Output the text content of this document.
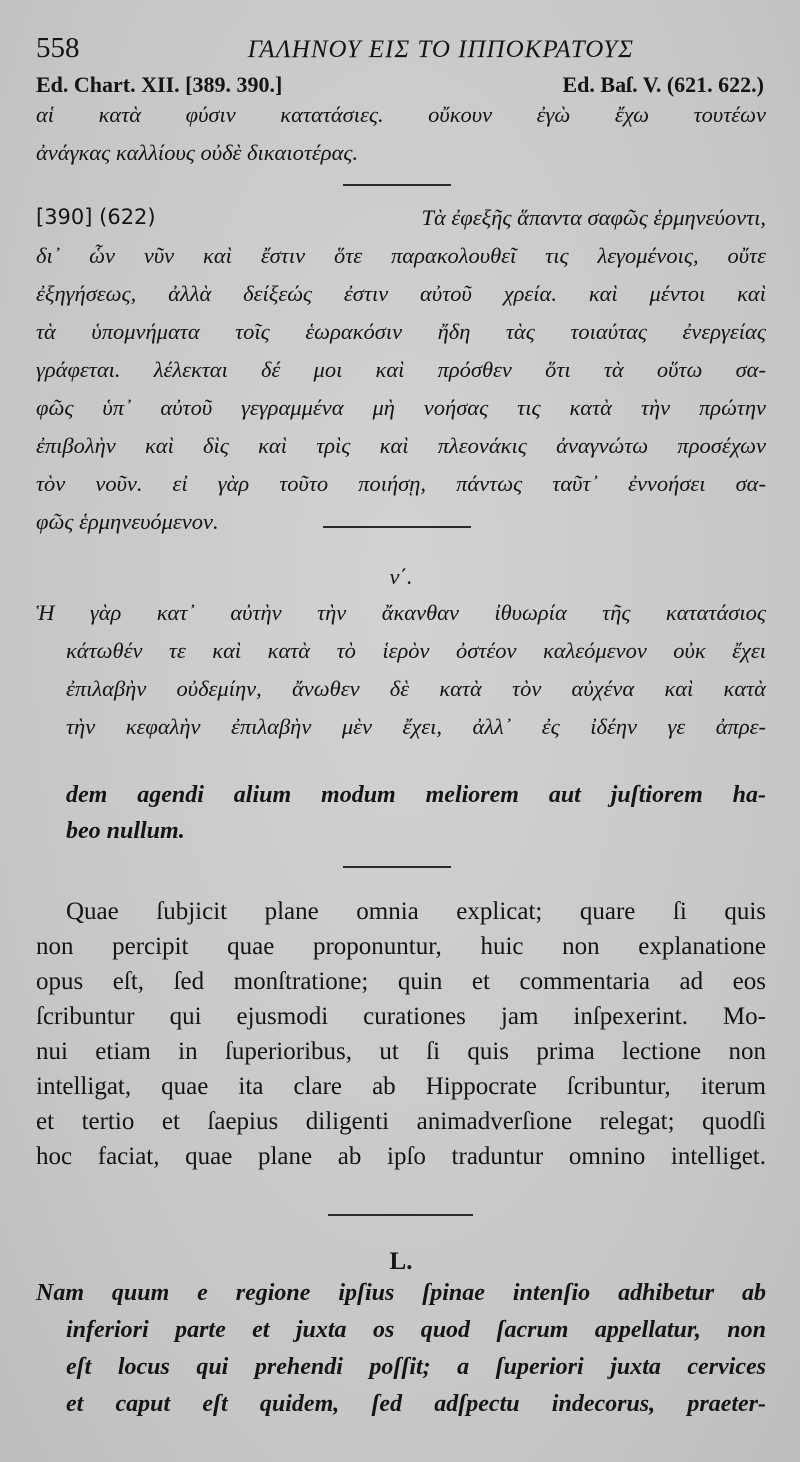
558	ΓΑΛΗΝΟΥ ΕΙΣ ΤΟ ΙΠΠΟΚΡΑΤΟΥΣ
Ed. Chart. XII. [389. 390.]	Ed. Baſ. V. (621. 622.)
αἱ κατὰ φύσιν κατατάσιες. οὔκουν ἐγὼ ἔχω τουτέων
ἀνάγκας καλλίους οὐδὲ δικαιοτέρας.
[390] (622)	Τὰ ἐφεξῆς ἅπαντα σαφῶς ἑρμηνεύοντι,
δι᾽ ὧν νῦν καὶ ἔστιν ὅτε παρακολουθεῖ τις λεγομένοις, οὔτε
ἐξηγήσεως, ἀλλὰ δείξεώς ἐστιν αὐτοῦ χρεία. καὶ μέντοι καὶ
τὰ ὑπομνήματα τοῖς ἑωρακόσιν ἤδη τὰς τοιαύτας ἐνεργείας
γράφεται. λέλεκται δέ μοι καὶ πρόσθεν ὅτι τὰ οὕτω σα-
φῶς ὑπ᾽ αὐτοῦ γεγραμμένα μὴ νοήσας τις κατὰ τὴν πρώτην
ἐπιβολὴν καὶ δὶς καὶ τρὶς καὶ πλεονάκις ἀναγνώτω προσέχων
τὸν νοῦν. εἰ γὰρ τοῦτο ποιήσῃ, πάντως ταῦτ᾽ ἐννοήσει σα-
φῶς ἑρμηνευόμενον.
ν΄.
Ἡ γὰρ κατ᾽ αὐτὴν τὴν ἄκανθαν ἰθυωρία τῆς κατατάσιος
κάτωθέν τε καὶ κατὰ τὸ ἱερὸν ὀστέον καλεόμενον οὐκ ἔχει
ἐπιλαβὴν οὐδεμίην, ἄνωθεν δὲ κατὰ τὸν αὐχένα καὶ κατὰ
τὴν κεφαλὴν ἐπιλαβὴν μὲν ἔχει, ἀλλ᾽ ἐς ἰδέην γε ἀπρε-
dem agendi alium modum meliorem aut juſtiorem ha-
beo nullum.
Quae ſubjicit plane omnia explicat; quare ſi quis
non percipit quae proponuntur, huic non explanatione
opus eſt, ſed monſtratione; quin et commentaria ad eos
ſcribuntur qui ejusmodi curationes jam inſpexerint. Mo-
nui etiam in ſuperioribus, ut ſi quis prima lectione non
intelligat, quae ita clare ab Hippocrate ſcribuntur, iterum
et tertio et ſaepius diligenti animadverſione relegat; quodſi
hoc faciat, quae plane ab ipſo traduntur omnino intelliget.
L.
Nam quum e regione ipſius ſpinae intenſio adhibetur ab
inferiori parte et juxta os quod ſacrum appellatur, non
eſt locus qui prehendi poſſit; a ſuperiori juxta cervices
et caput eſt quidem, ſed adſpectu indecorus, praeter-
